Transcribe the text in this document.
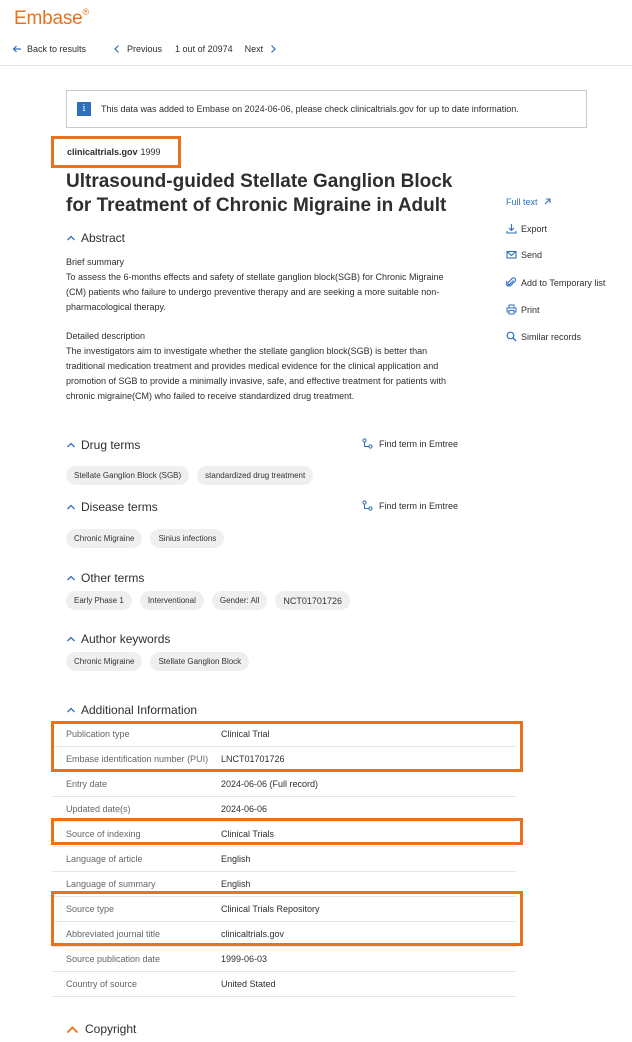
Embase®
Back to results	Previous 1 out of 20974 Next
i	This data was added to Embase on 2024-06-06, please check clinicaltrials.gov for up to date information.
clinicaltrials.gov 1999
Ultrasound-guided Stellate Ganglion Block for Treatment of Chronic Migraine in Adult
Abstract
Brief summary
To assess the 6-months effects and safety of stellate ganglion block(SGB) for Chronic Migraine (CM) patients who failure to undergo preventive therapy and are seeking a more suitable non-pharmacological therapy.
Detailed description
The investigators aim to investigate whether the stellate ganglion block(SGB) is better than traditional medication treatment and provides medical evidence for the clinical application and promotion of SGB to provide a minimally invasive, safe, and effective treatment for patients with chronic migraine(CM) who failed to receive standardized drug treatment.
Drug terms	Find term in Emtree
Stellate Ganglion Block (SGB)	standardized drug treatment
Disease terms	Find term in Emtree
Chronic Migraine	Sinius infections
Other terms
Early Phase 1	Interventional	Gender: All	NCT01701726
Author keywords
Chronic Migraine	Stellate Ganglion Block
Full text
Export
Send
Add to Temporary list
Print
Similar records
Additional Information
Publication type	Clinical Trial
Embase identification number (PUI) LNCT01701726
Entry date	2024-06-06 (Full record)
Updated date(s)	2024-06-06
Source of indexing	Clinical Trials
Language of article	English
Language of summary	English
Source type	Clinical Trials Repository
Abbreviated journal title	clinicaltrials.gov
Source publication date	1999-06-03
Country of source	United Stated
Copyright
